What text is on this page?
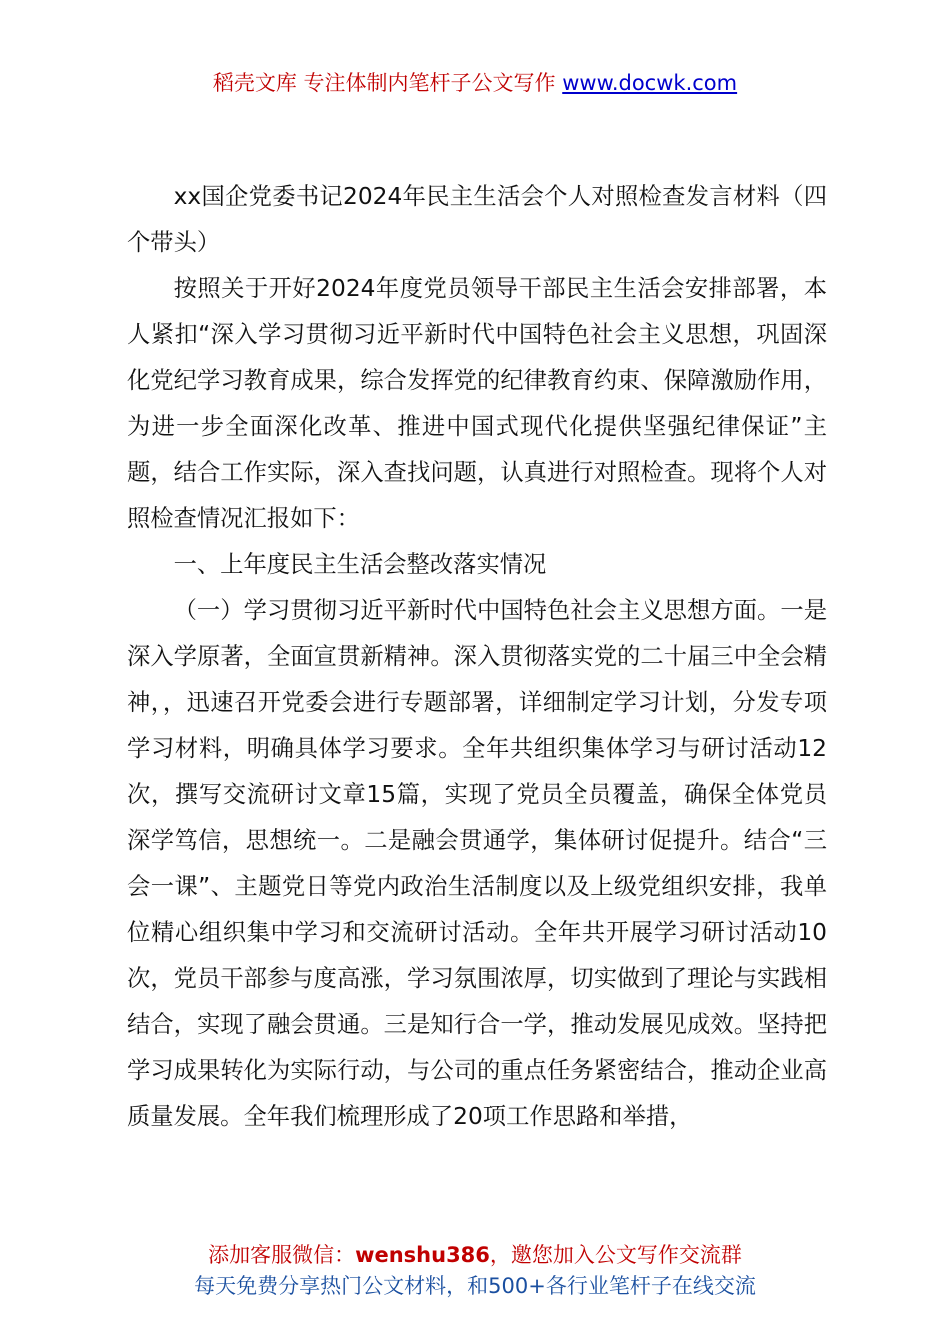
稻壳文库 专注体制内笔杆子公文写作 www.docwk.com

xx国企党委书记2024年民主生活会个人对照检查发言材料（四个带头）

按照关于开好2024年度党员领导干部民主生活会安排部署，本人紧扣“深入学习贯彻习近平新时代中国特色社会主义思想，巩固深化党纪学习教育成果，综合发挥党的纪律教育约束、保障激励作用，为进一步全面深化改革、推进中国式现代化提供坚强纪律保证”主题，结合工作实际，深入查找问题，认真进行对照检查。现将个人对照检查情况汇报如下：

一、上年度民主生活会整改落实情况

（一）学习贯彻习近平新时代中国特色社会主义思想方面。一是深入学原著，全面宣贯新精神。深入贯彻落实党的二十届三中全会精神，，迅速召开党委会进行专题部署，详细制定学习计划，分发专项学习材料，明确具体学习要求。全年共组织集体学习与研讨活动12次，撰写交流研讨文章15篇，实现了党员全员覆盖，确保全体党员深学笃信，思想统一。二是融会贯通学，集体研讨促提升。结合“三会一课”、主题党日等党内政治生活制度以及上级党组织安排，我单位精心组织集中学习和交流研讨活动。全年共开展学习研讨活动10次，党员干部参与度高涨，学习氛围浓厚，切实做到了理论与实践相结合，实现了融会贯通。三是知行合一学，推动发展见成效。坚持把学习成果转化为实际行动，与公司的重点任务紧密结合，推动企业高质量发展。全年我们梳理形成了20项工作思路和举措，

添加客服微信：wenshu386，邀您加入公文写作交流群
每天免费分享热门公文材料，和500+各行业笔杆子在线交流
